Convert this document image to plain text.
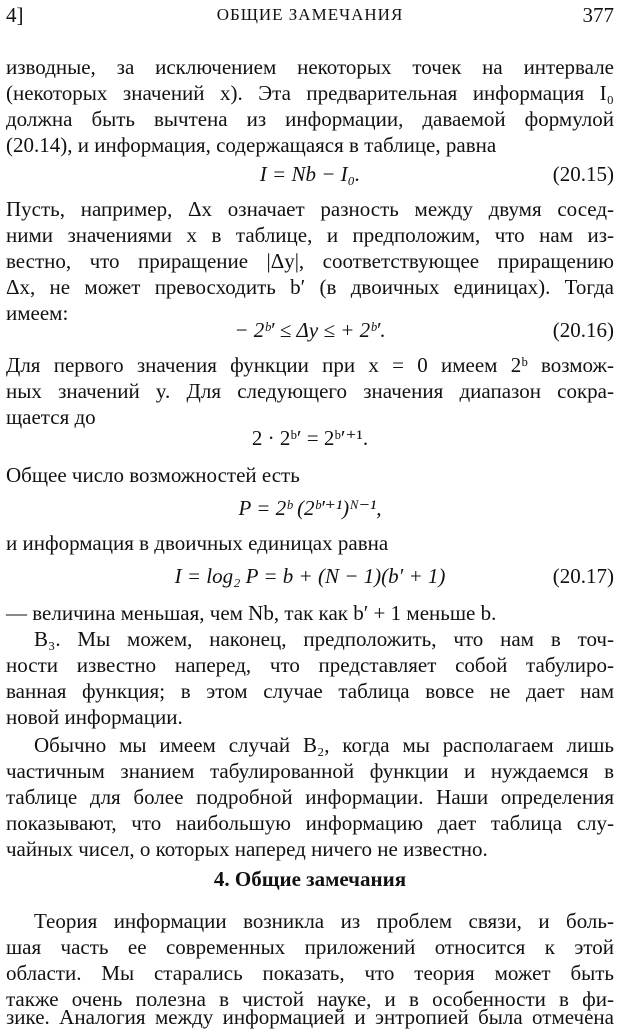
4]	ОБЩИЕ ЗАМЕЧАНИЯ	377
изводные, за исключением некоторых точек на интервале
(некоторых значений x). Эта предварительная информация I₀
должна быть вычтена из информации, даваемой формулой
(20.14), и информация, содержащаяся в таблице, равна
I = Nb − I₀.	(20.15)
Пусть, например, Δx означает разность между двумя сосед-
ними значениями x в таблице, и предположим, что нам из-
вестно, что приращение |Δy|, соответствующее приращению
Δx, не может превосходить b′ (в двоичных единицах). Тогда
имеем:
− 2ᵇ′ ≤ Δy ≤ + 2ᵇ′.	(20.16)
Для первого значения функции при x = 0 имеем 2ᵇ возмож-
ных значений y. Для следующего значения диапазон сокра-
щается до
2 · 2ᵇ′ = 2ᵇ′⁺¹.
Общее число возможностей есть
P = 2ᵇ (2ᵇ′⁺¹)ᴺ⁻¹,
и информация в двоичных единицах равна
I = log₂ P = b + (N − 1)(b′ + 1)	(20.17)
— величина меньшая, чем Nb, так как b′ + 1 меньше b.
B₃. Мы можем, наконец, предположить, что нам в точ-
ности известно наперед, что представляет собой табулиро-
ванная функция; в этом случае таблица вовсе не дает нам
новой информации.
Обычно мы имеем случай B₂, когда мы располагаем лишь
частичным знанием табулированной функции и нуждаемся в
таблице для более подробной информации. Наши определения
показывают, что наибольшую информацию дает таблица слу-
чайных чисел, о которых наперед ничего не известно.
4. Общие замечания
Теория информации возникла из проблем связи, и боль-
шая часть ее современных приложений относится к этой
области. Мы старались показать, что теория может быть
также очень полезна в чистой науке, и в особенности в фи-
зике. Аналогия между информацией и энтропией была отмечена
